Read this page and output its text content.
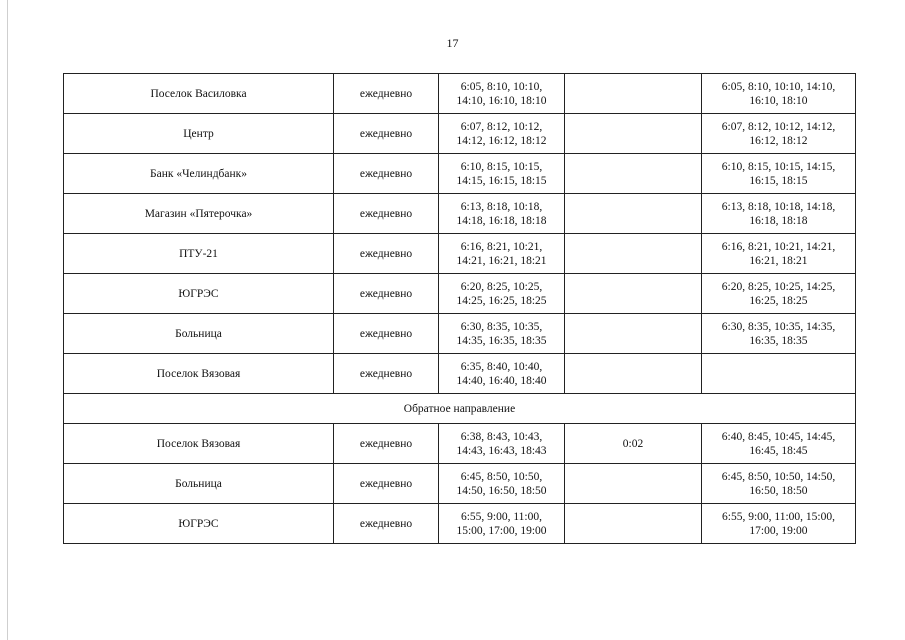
17
Поселок Василовка	ежедневно	6:05, 8:10, 10:10,
14:10, 16:10, 18:10		6:05, 8:10, 10:10, 14:10,
16:10, 18:10
Центр	ежедневно	6:07, 8:12, 10:12,
14:12, 16:12, 18:12		6:07, 8:12, 10:12, 14:12,
16:12, 18:12
Банк «Челиндбанк»	ежедневно	6:10, 8:15, 10:15,
14:15, 16:15, 18:15		6:10, 8:15, 10:15, 14:15,
16:15, 18:15
Магазин «Пятерочка»	ежедневно	6:13, 8:18, 10:18,
14:18, 16:18, 18:18		6:13, 8:18, 10:18, 14:18,
16:18, 18:18
ПТУ-21	ежедневно	6:16, 8:21, 10:21,
14:21, 16:21, 18:21		6:16, 8:21, 10:21, 14:21,
16:21, 18:21
ЮГРЭС	ежедневно	6:20, 8:25, 10:25,
14:25, 16:25, 18:25		6:20, 8:25, 10:25, 14:25,
16:25, 18:25
Больница	ежедневно	6:30, 8:35, 10:35,
14:35, 16:35, 18:35		6:30, 8:35, 10:35, 14:35,
16:35, 18:35
Поселок Вязовая	ежедневно	6:35, 8:40, 10:40,
14:40, 16:40, 18:40		

Обратное направление				
Поселок Вязовая	ежедневно	6:38, 8:43, 10:43,
14:43, 16:43, 18:43	0:02	6:40, 8:45, 10:45, 14:45,
16:45, 18:45
Больница	ежедневно	6:45, 8:50, 10:50,
14:50, 16:50, 18:50		6:45, 8:50, 10:50, 14:50,
16:50, 18:50
ЮГРЭС	ежедневно	6:55, 9:00, 11:00,
15:00, 17:00, 19:00		6:55, 9:00, 11:00, 15:00,
17:00, 19:00
